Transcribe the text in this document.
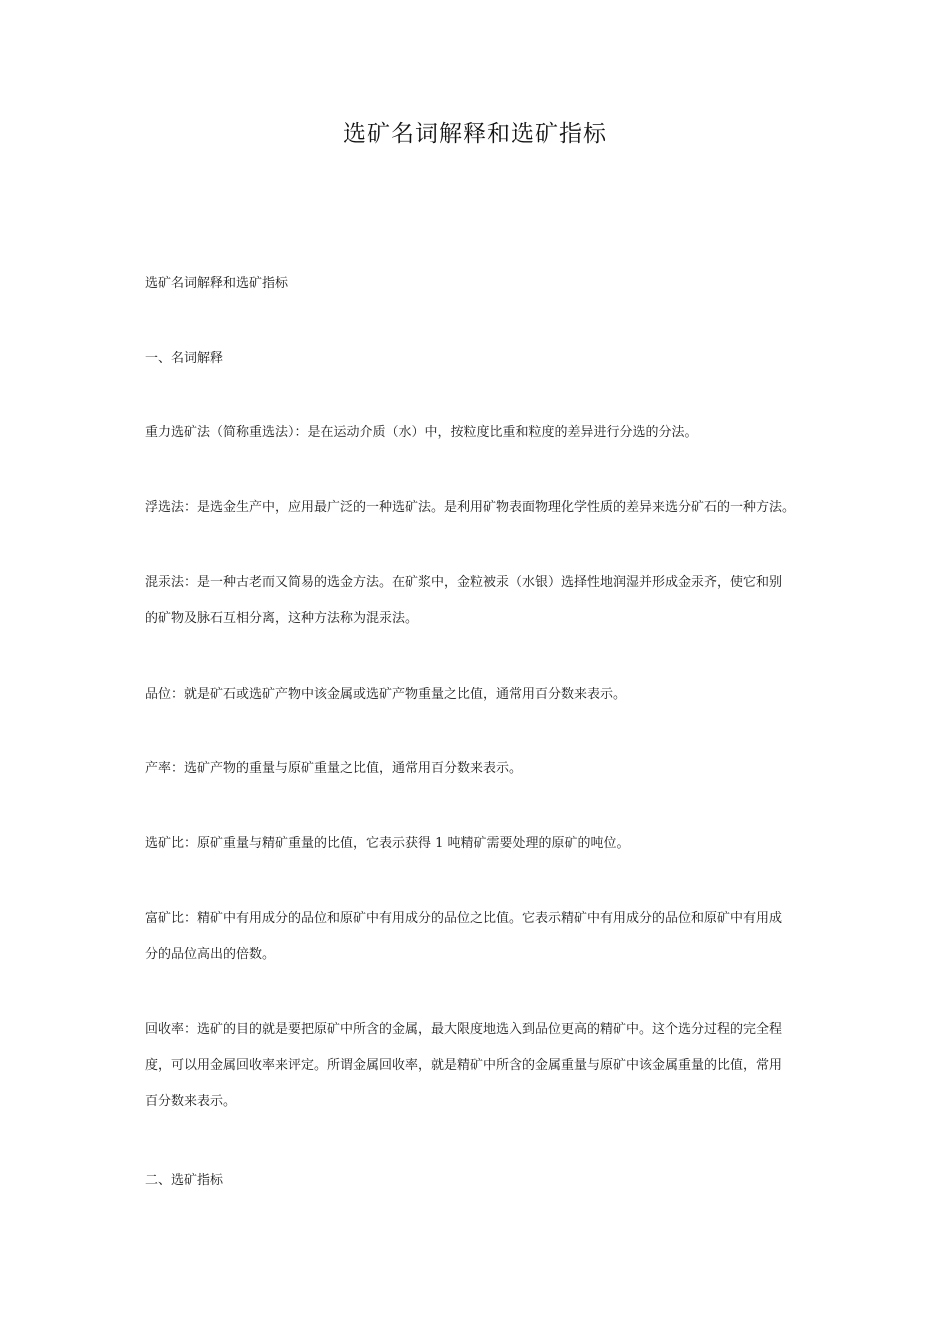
选矿名词解释和选矿指标
选矿名词解释和选矿指标
一、名词解释
重力选矿法（简称重选法）：是在运动介质（水）中，按粒度比重和粒度的差异进行分选的分法。
浮选法：是选金生产中，应用最广泛的一种选矿法。是利用矿物表面物理化学性质的差异来选分矿石的一种方法。
混汞法：是一种古老而又简易的选金方法。在矿浆中，金粒被汞（水银）选择性地润湿并形成金汞齐，使它和别
的矿物及脉石互相分离，这种方法称为混汞法。
品位：就是矿石或选矿产物中该金属或选矿产物重量之比值，通常用百分数来表示。
产率：选矿产物的重量与原矿重量之比值，通常用百分数来表示。
选矿比：原矿重量与精矿重量的比值，它表示获得 1 吨精矿需要处理的原矿的吨位。
富矿比：精矿中有用成分的品位和原矿中有用成分的品位之比值。它表示精矿中有用成分的品位和原矿中有用成
分的品位高出的倍数。
回收率：选矿的目的就是要把原矿中所含的金属，最大限度地选入到品位更高的精矿中。这个选分过程的完全程
度，可以用金属回收率来评定。所谓金属回收率，就是精矿中所含的金属重量与原矿中该金属重量的比值，常用
百分数来表示。
二、选矿指标
